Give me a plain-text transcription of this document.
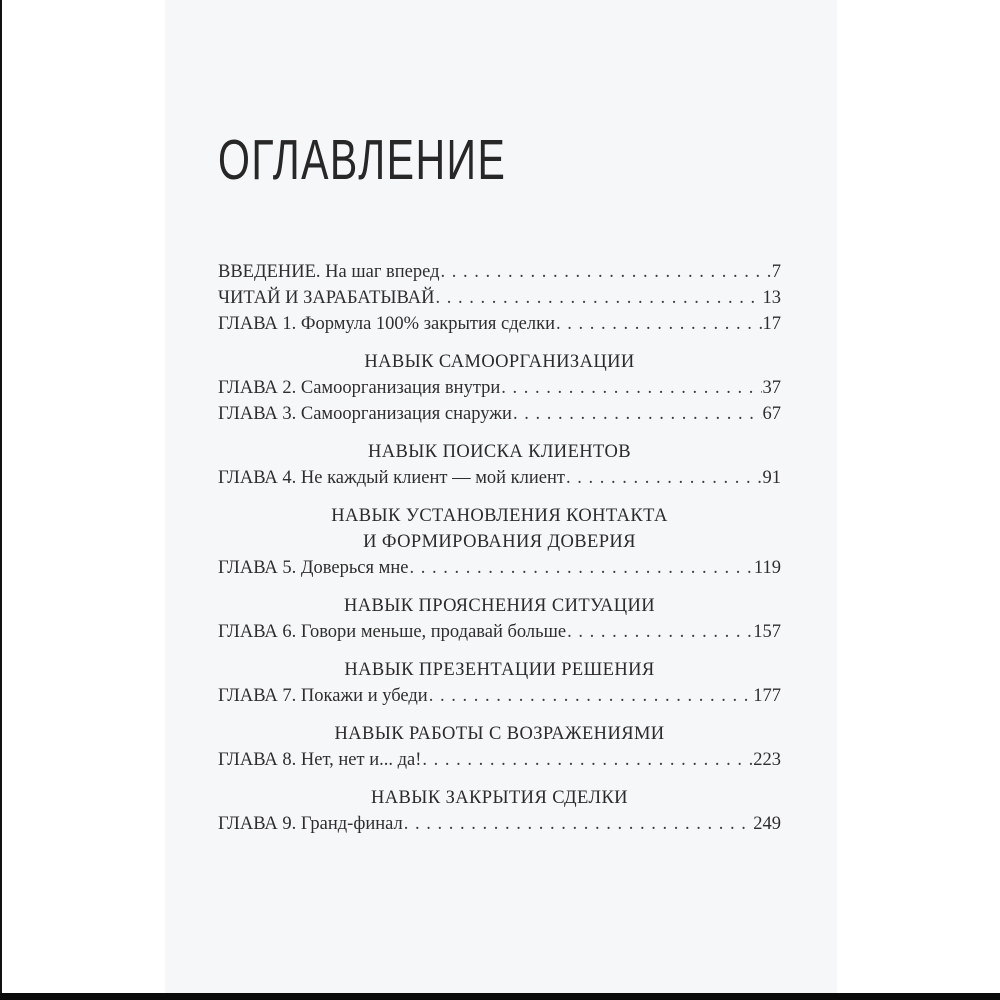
ОГЛАВЛЕНИЕ
ВВЕДЕНИЕ. На шаг вперед . . .	7
ЧИТАЙ И ЗАРАБАТЫВАЙ . . .	13
ГЛАВА 1. Формула 100% закрытия сделки . . .	17
НАВЫК САМООРГАНИЗАЦИИ
ГЛАВА 2. Самоорганизация внутри . . .	37
ГЛАВА 3. Самоорганизация снаружи . . .	67
НАВЫК ПОИСКА КЛИЕНТОВ
ГЛАВА 4. Не каждый клиент — мой клиент . . .	91
НАВЫК УСТАНОВЛЕНИЯ КОНТАКТА
И ФОРМИРОВАНИЯ ДОВЕРИЯ
ГЛАВА 5. Доверься мне . . .	119
НАВЫК ПРОЯСНЕНИЯ СИТУАЦИИ
ГЛАВА 6. Говори меньше, продавай больше . . .	157
НАВЫК ПРЕЗЕНТАЦИИ РЕШЕНИЯ
ГЛАВА 7. Покажи и убеди . . .	177
НАВЫК РАБОТЫ С ВОЗРАЖЕНИЯМИ
ГЛАВА 8. Нет, нет и... да! . . .	223
НАВЫК ЗАКРЫТИЯ СДЕЛКИ
ГЛАВА 9. Гранд-финал . . .	249
